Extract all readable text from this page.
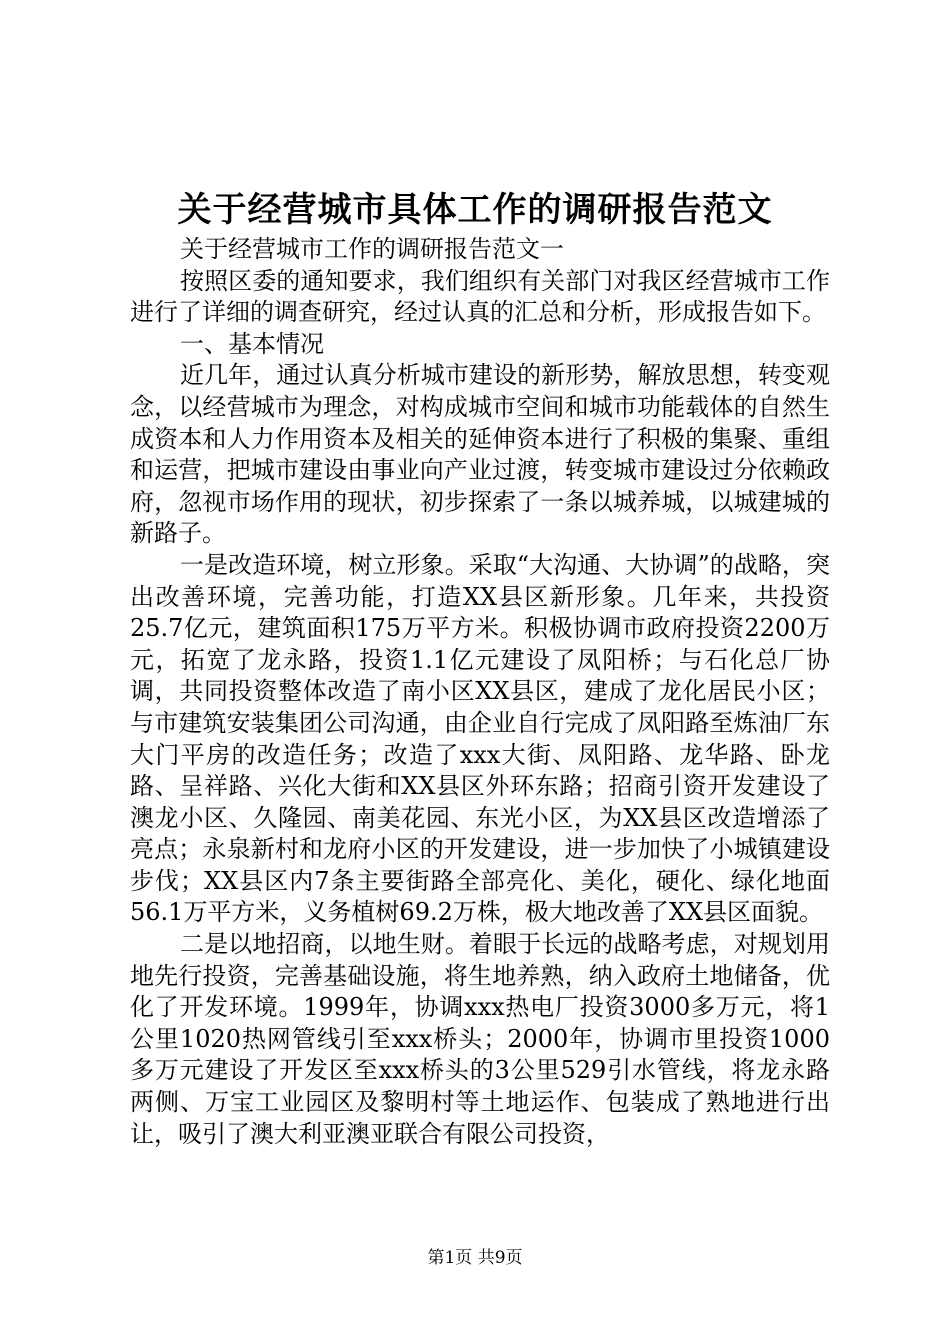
关于经营城市具体工作的调研报告范文

关于经营城市工作的调研报告范文一

按照区委的通知要求，我们组织有关部门对我区经营城市工作进行了详细的调查研究，经过认真的汇总和分析，形成报告如下。

一、基本情况

近几年，通过认真分析城市建设的新形势，解放思想，转变观念，以经营城市为理念，对构成城市空间和城市功能载体的自然生成资本和人力作用资本及相关的延伸资本进行了积极的集聚、重组和运营，把城市建设由事业向产业过渡，转变城市建设过分依赖政府，忽视市场作用的现状，初步探索了一条以城养城，以城建城的新路子。

一是改造环境，树立形象。采取“大沟通、大协调”的战略，突出改善环境，完善功能，打造XX县区新形象。几年来，共投资25.7亿元，建筑面积175万平方米。积极协调市政府投资2200万元，拓宽了龙永路，投资1.1亿元建设了凤阳桥；与石化总厂协调，共同投资整体改造了南小区XX县区，建成了龙化居民小区；与市建筑安装集团公司沟通，由企业自行完成了凤阳路至炼油厂东大门平房的改造任务；改造了xxx大街、凤阳路、龙华路、卧龙路、呈祥路、兴化大街和XX县区外环东路；招商引资开发建设了澳龙小区、久隆园、南美花园、东光小区，为XX县区改造增添了亮点；永泉新村和龙府小区的开发建设，进一步加快了小城镇建设步伐；XX县区内7条主要街路全部亮化、美化，硬化、绿化地面56.1万平方米，义务植树69.2万株，极大地改善了XX县区面貌。

二是以地招商，以地生财。着眼于长远的战略考虑，对规划用地先行投资，完善基础设施，将生地养熟，纳入政府土地储备，优化了开发环境。1999年，协调xxx热电厂投资3000多万元，将1公里1020热网管线引至xxx桥头；2000年，协调市里投资1000多万元建设了开发区至xxx桥头的3公里529引水管线，将龙永路两侧、万宝工业园区及黎明村等土地运作、包装成了熟地进行出让，吸引了澳大利亚澳亚联合有限公司投资，

第1页 共9页
